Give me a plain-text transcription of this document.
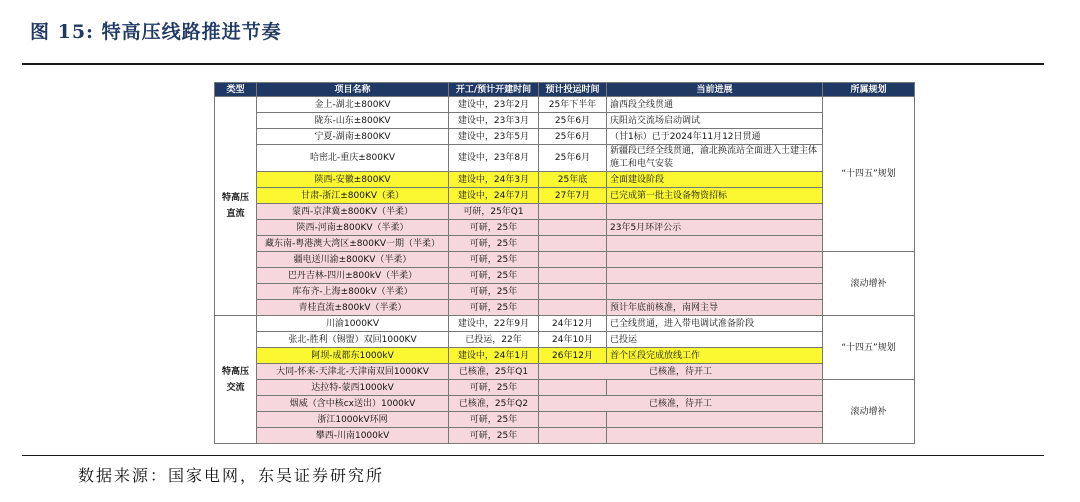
图 15: 特高压线路推进节奏
类型	项目名称	开工/预计开建时间	预计投运时间	当前进展	所属规划
特高压
直流	金上-湖北±800KV	建设中，23年2月	25年下半年	渝西段全线贯通	“十四五”规划
	陇东-山东±800KV	建设中，23年3月	25年6月	庆阳站交流场启动调试	
	宁夏-湖南±800KV	建设中，23年5月	25年6月	（甘1标）已于2024年11月12日贯通	
	哈密北-重庆±800KV	建设中，23年8月	25年6月	新疆段已经全线贯通，渝北换流站全面进入土建主体施工和电气安装	
	陕西-安徽±800KV	建设中，24年3月	25年底	全面建设阶段	
	甘肃-浙江±800KV（柔）	建设中，24年7月	27年7月	已完成第一批主设备物资招标	
	蒙西-京津冀±800KV（半柔）	可研，25年Q1			
	陕西-河南±800KV（半柔）	可研，25年		23年5月环评公示	
	藏东南-粤港澳大湾区±800KV一期（半柔）	可研，25年			
	疆电送川渝±800KV（半柔）	可研，25年			滚动增补
	巴丹吉林-四川±800kV（半柔）	可研，25年			
	库布齐-上海±800kV（半柔）	可研，25年			
	青桂直流±800kV（半柔）	可研，25年		预计年底前核准，南网主导	
特高压
交流	川渝1000KV	建设中，22年9月	24年12月	已全线贯通，进入带电调试准备阶段	“十四五”规划
	张北-胜利（锡盟）双回1000KV	已投运，22年	24年10月	已投运	
	阿坝-成都东1000kV	建设中，24年1月	26年12月	首个区段完成放线工作	
	大同-怀来-天津北-天津南双回1000KV	已核准，25年Q1	已核准，待开工		
	达拉特-蒙西1000kV	可研，25年			滚动增补
	烟威（含中核cx送出）1000kV	已核准，25年Q2	已核准，待开工		
	浙江1000kV环网	可研，25年			
	攀西-川南1000kV	可研，25年			
数据来源：国家电网，东吴证券研究所
